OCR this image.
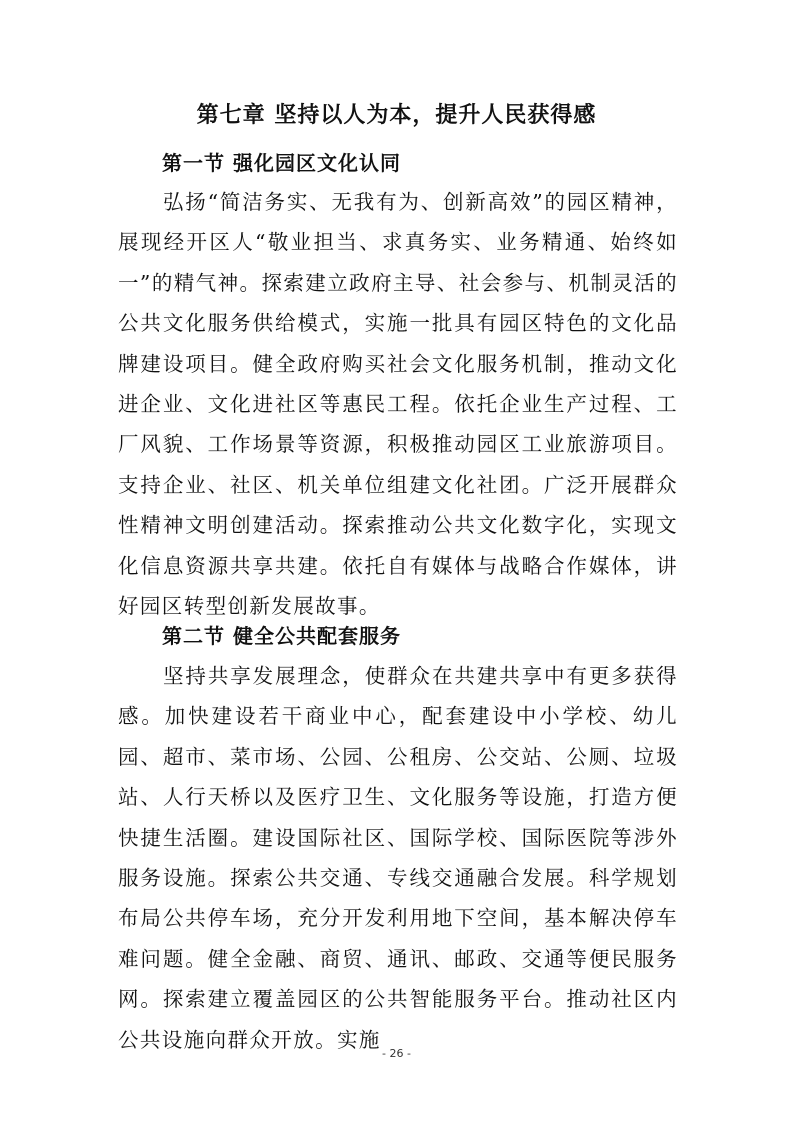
第七章 坚持以人为本，提升人民获得感
第一节 强化园区文化认同

弘扬“简洁务实、无我有为、创新高效”的园区精神，展现经开区人“敬业担当、求真务实、业务精通、始终如一”的精气神。探索建立政府主导、社会参与、机制灵活的公共文化服务供给模式，实施一批具有园区特色的文化品牌建设项目。健全政府购买社会文化服务机制，推动文化进企业、文化进社区等惠民工程。依托企业生产过程、工厂风貌、工作场景等资源，积极推动园区工业旅游项目。支持企业、社区、机关单位组建文化社团。广泛开展群众性精神文明创建活动。探索推动公共文化数字化，实现文化信息资源共享共建。依托自有媒体与战略合作媒体，讲好园区转型创新发展故事。

第二节 健全公共配套服务

坚持共享发展理念，使群众在共建共享中有更多获得感。加快建设若干商业中心，配套建设中小学校、幼儿园、超市、菜市场、公园、公租房、公交站、公厕、垃圾站、人行天桥以及医疗卫生、文化服务等设施，打造方便快捷生活圈。建设国际社区、国际学校、国际医院等涉外服务设施。探索公共交通、专线交通融合发展。科学规划布局公共停车场，充分开发利用地下空间，基本解决停车难问题。健全金融、商贸、通讯、邮政、交通等便民服务网。探索建立覆盖园区的公共智能服务平台。推动社区内公共设施向群众开放。实施

- 26 -
